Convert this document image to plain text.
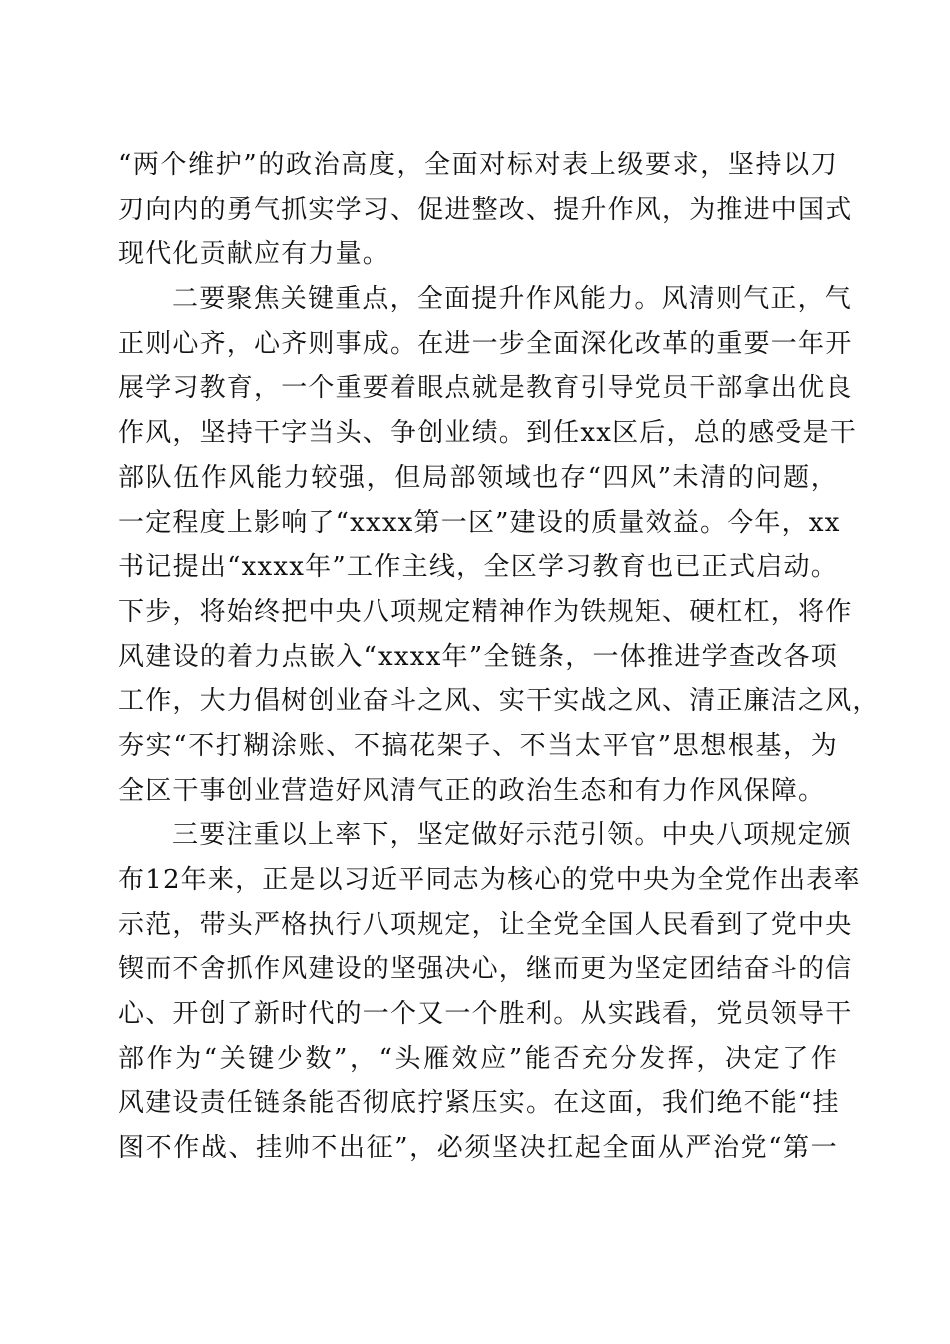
“两个维护”的政治高度，全面对标对表上级要求，坚持以刀
刃向内的勇气抓实学习、促进整改、提升作风，为推进中国式
现代化贡献应有力量。
二要聚焦关键重点，全面提升作风能力。风清则气正，气
正则心齐，心齐则事成。在进一步全面深化改革的重要一年开
展学习教育，一个重要着眼点就是教育引导党员干部拿出优良
作风，坚持干字当头、争创业绩。到任xx区后，总的感受是干
部队伍作风能力较强，但局部领域也存“四风”未清的问题，
一定程度上影响了“xxxx第一区”建设的质量效益。今年，xx
书记提出“xxxx年”工作主线，全区学习教育也已正式启动。
下步，将始终把中央八项规定精神作为铁规矩、硬杠杠，将作
风建设的着力点嵌入“xxxx年”全链条，一体推进学查改各项
工作，大力倡树创业奋斗之风、实干实战之风、清正廉洁之风，
夯实“不打糊涂账、不搞花架子、不当太平官”思想根基，为
全区干事创业营造好风清气正的政治生态和有力作风保障。
三要注重以上率下，坚定做好示范引领。中央八项规定颁
布12年来，正是以习近平同志为核心的党中央为全党作出表率
示范，带头严格执行八项规定，让全党全国人民看到了党中央
锲而不舍抓作风建设的坚强决心，继而更为坚定团结奋斗的信
心、开创了新时代的一个又一个胜利。从实践看，党员领导干
部作为“关键少数”，“头雁效应”能否充分发挥，决定了作
风建设责任链条能否彻底拧紧压实。在这面，我们绝不能“挂
图不作战、挂帅不出征”，必须坚决扛起全面从严治党“第一
